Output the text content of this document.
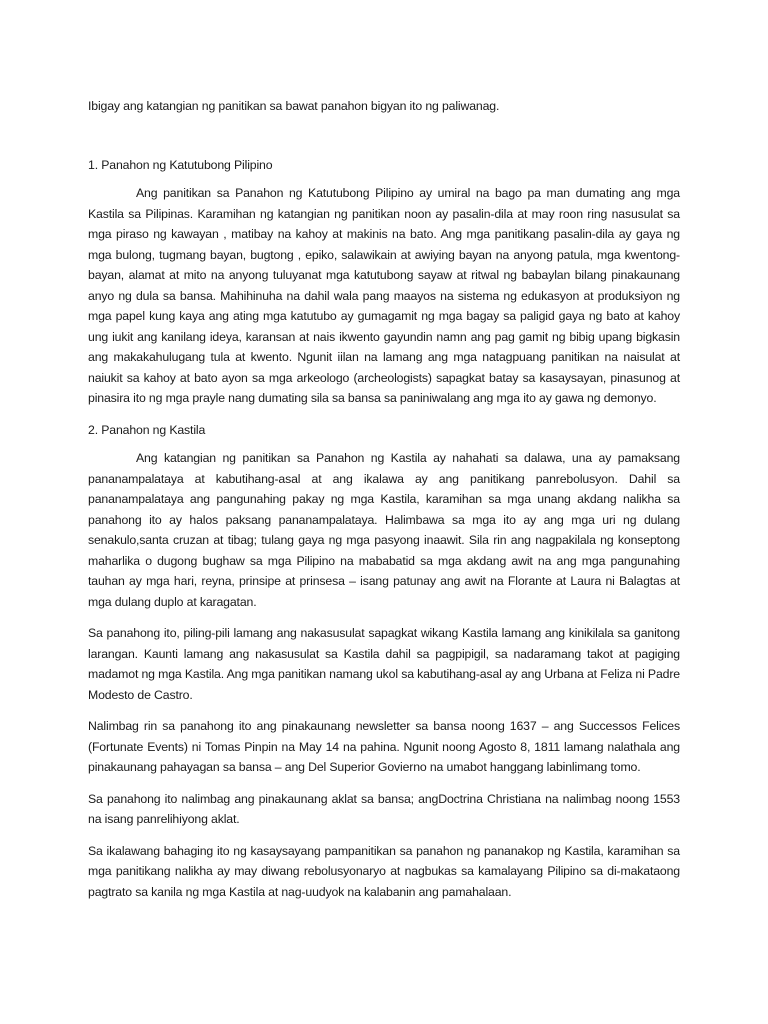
Ibigay ang katangian ng panitikan sa bawat panahon bigyan ito ng paliwanag.

1. Panahon ng Katutubong Pilipino

Ang panitikan sa Panahon ng Katutubong Pilipino ay umiral na bago pa man dumating ang mga Kastila sa Pilipinas. Karamihan ng katangian ng panitikan noon ay pasalin-dila at may roon ring nasusulat sa mga piraso ng kawayan , matibay na kahoy at makinis na bato. Ang mga panitikang pasalin-dila ay gaya ng mga bulong, tugmang bayan, bugtong , epiko, salawikain at awiying bayan na anyong patula, mga kwentong-bayan, alamat at mito na anyong tuluyanat mga katutubong sayaw at ritwal ng babaylan bilang pinakaunang anyo ng dula sa bansa. Mahihinuha na dahil wala pang maayos na sistema ng edukasyon at produksiyon ng mga papel kung kaya ang ating mga katutubo ay gumagamit ng mga bagay sa paligid gaya ng bato at kahoy ung iukit ang kanilang ideya, karansan at nais ikwento gayundin namn ang pag gamit ng bibig upang bigkasin ang makakahulugang tula at kwento. Ngunit iilan na lamang ang mga natagpuang panitikan na naisulat at naiukit sa kahoy at bato ayon sa mga arkeologo (archeologists) sapagkat batay sa kasaysayan, pinasunog at pinasira ito ng mga prayle nang dumating sila sa bansa sa paniniwalang ang mga ito ay gawa ng demonyo.

2. Panahon ng Kastila

Ang katangian ng panitikan sa Panahon ng Kastila ay nahahati sa dalawa, una ay pamaksang pananampalataya at kabutihang-asal at ang ikalawa ay ang panitikang panrebolusyon. Dahil sa pananampalataya ang pangunahing pakay ng mga Kastila, karamihan sa mga unang akdang nalikha sa panahong ito ay halos paksang pananampalataya. Halimbawa sa mga ito ay ang mga uri ng dulang senakulo,santa cruzan at tibag; tulang gaya ng mga pasyong inaawit. Sila rin ang nagpakilala ng konseptong maharlika o dugong bughaw sa mga Pilipino na mababatid sa mga akdang awit na ang mga pangunahing tauhan ay mga hari, reyna, prinsipe at prinsesa – isang patunay ang awit na Florante at Laura ni Balagtas at mga dulang duplo at karagatan.

Sa panahong ito, piling-pili lamang ang nakasusulat sapagkat wikang Kastila lamang ang kinikilala sa ganitong larangan. Kaunti lamang ang nakasusulat sa Kastila dahil sa pagpipigil, sa nadaramang takot at pagiging madamot ng mga Kastila. Ang mga panitikan namang ukol sa kabutihang-asal ay ang Urbana at Feliza ni Padre Modesto de Castro.

Nalimbag rin sa panahong ito ang pinakaunang newsletter sa bansa noong 1637 – ang Successos Felices (Fortunate Events) ni Tomas Pinpin na May 14 na pahina. Ngunit noong Agosto 8, 1811 lamang nalathala ang pinakaunang pahayagan sa bansa – ang Del Superior Govierno na umabot hanggang labinlimang tomo.

Sa panahong ito nalimbag ang pinakaunang aklat sa bansa; angDoctrina Christiana na nalimbag noong 1553 na isang panrelihiyong aklat.

Sa ikalawang bahaging ito ng kasaysayang pampanitikan sa panahon ng pananakop ng Kastila, karamihan sa mga panitikang nalikha ay may diwang rebolusyonaryo at nagbukas sa kamalayang Pilipino sa di-makataong pagtrato sa kanila ng mga Kastila at nag-uudyok na kalabanin ang pamahalaan.
